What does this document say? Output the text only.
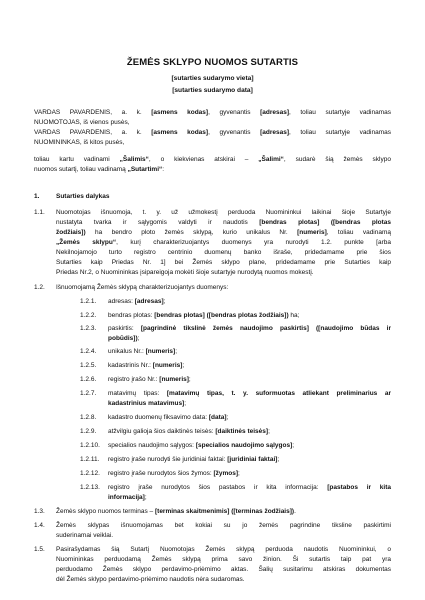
ŽEMĖS SKLYPO NUOMOS SUTARTIS
[sutarties sudarymo vieta]
[sutarties sudarymo data]
VARDAS PAVARDENIS, a. k. [asmens kodas], gyvenantis [adresas], toliau sutartyje vadinamas
NUOMOTOJAS, iš vienos pusės,
VARDAS PAVARDENIS, a. k. [asmens kodas], gyvenantis [adresas], toliau sutartyje vadinamas
NUOMININKAS, iš kitos pusės,
toliau kartu vadinami „Šalimis“, o kiekvienas atskirai – „Šalimi“, sudarė šią žemės sklypo
nuomos sutartį, toliau vadinamą „Sutartimi“:
1.	Sutarties dalykas
1.1. Nuomotojas išnuomoja, t. y. už užmokestį perduoda Nuomininkui laikinai šioje Sutartyje
nustatyta tvarka ir sąlygomis valdyti ir naudotis [bendras plotas] ([bendras plotas
žodžiais]) ha bendro ploto žemės sklypą, kurio unikalus Nr. [numeris], toliau vadinamą
„Žemės sklypu“, kurį charakterizuojantys duomenys yra nurodyti 1.2. punkte [arba
Nekilnojamojo turto registro centrinio duomenų banko išraše, pridedamame prie šios
Sutarties kaip Priedas Nr. 1] bei Žemės sklypo plane, pridedamame prie Sutarties kaip
Priedas Nr.2, o Nuomininkas įsipareigoja mokėti šioje sutartyje nurodytą nuomos mokestį.
1.2. Išnuomojamą Žemės sklypą charakterizuojantys duomenys:
1.2.1. adresas: [adresas];
1.2.2. bendras plotas: [bendras plotas] ([bendras plotas žodžiais]) ha;
1.2.3. paskirtis: [pagrindinė tikslinė žemės naudojimo paskirtis] ([naudojimo būdas ir
pobūdis]);
1.2.4. unikalus Nr.: [numeris];
1.2.5. kadastrinis Nr.: [numeris];
1.2.6. registro įrašo Nr.: [numeris];
1.2.7. matavimų tipas: [matavimų tipas, t. y. suformuotas atliekant preliminarius ar
kadastrinius matavimus];
1.2.8. kadastro duomenų fiksavimo data: [data];
1.2.9. atžvilgiu galioja šios daiktinės teisės: [daiktinės teisės];
1.2.10. specialios naudojimo sąlygos: [specialios naudojimo sąlygos];
1.2.11. registro įraše nurodyti šie juridiniai faktai: [juridiniai faktai];
1.2.12. registro įraše nurodytos šios žymos: [žymos];
1.2.13. registro įraše nurodytos šios pastabos ir kita informacija: [pastabos ir kita
informacija];
1.3. Žemės sklypo nuomos terminas – [terminas skaitmenimis] ([terminas žodžiais]).
1.4. Žemės sklypas išnuomojamas bet kokiai su jo žemės pagrindine tiksline paskirtimi
suderinamai veiklai.
1.5. Pasirašydamas šią Sutartį Nuomotojas Žemės sklypą perduoda naudotis Nuomininkui, o
Nuomininkas perduodamą Žemės sklypą prima savo žinion. Ši sutartis taip pat yra
perduodamo Žemės sklypo perdavimo-priėmimo aktas. Šalių susitarimu atskiras dokumentas
dėl Žemės sklypo perdavimo-priėmimo naudotis nėra sudaromas.
